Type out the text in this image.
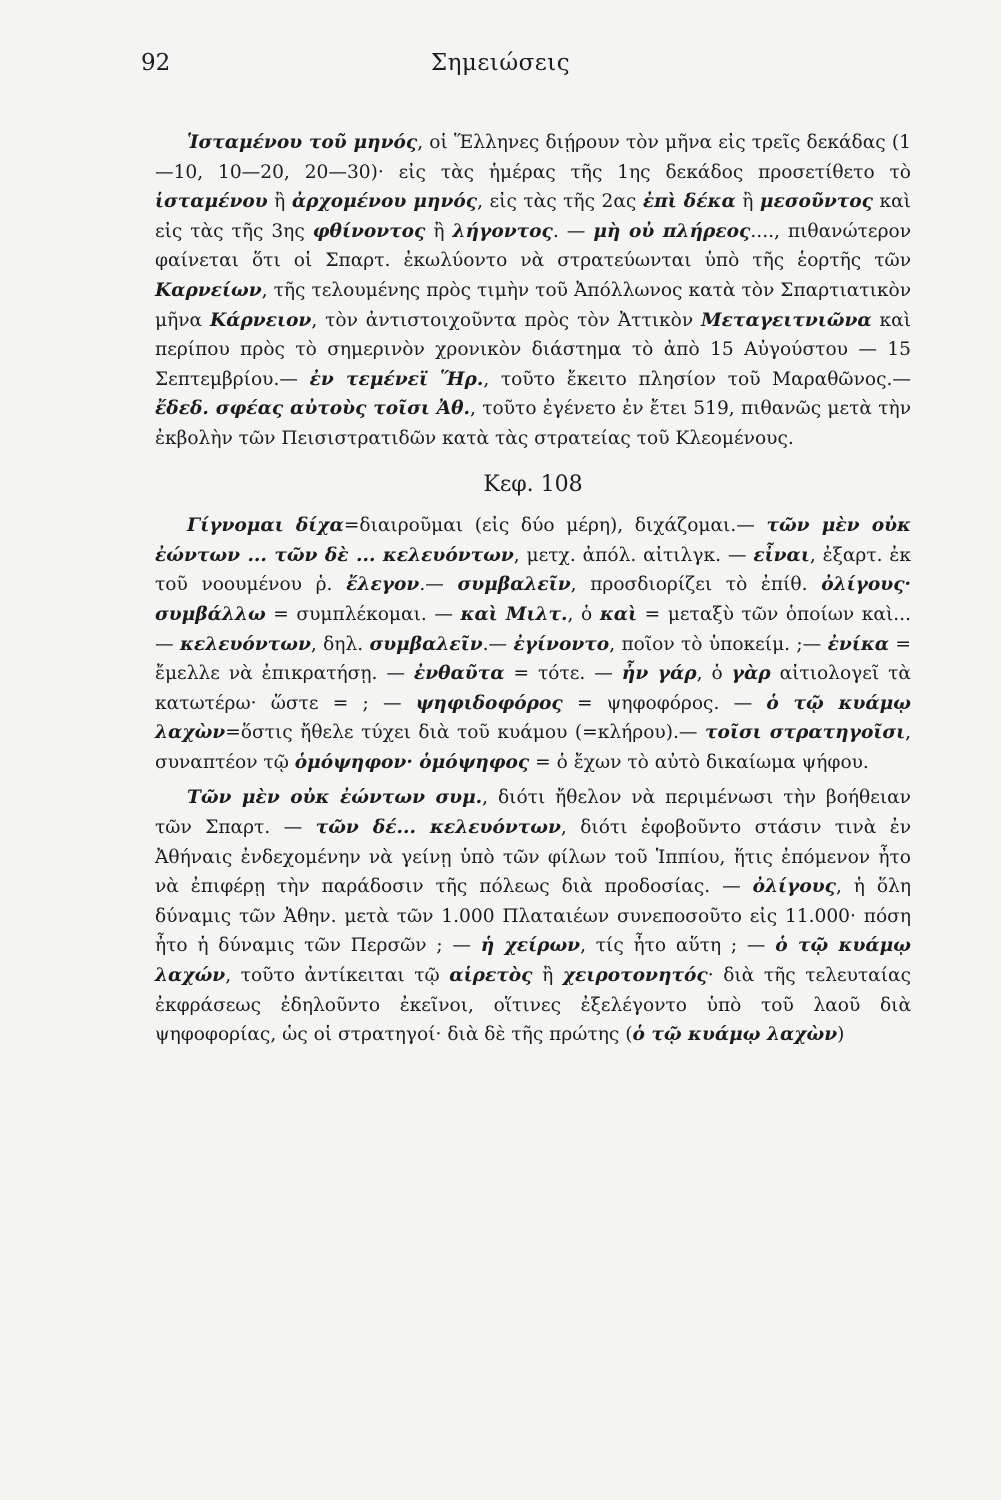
92	Σημειώσεις

Ἱσταμένου τοῦ μηνός, οἱ Ἕλληνες διῄρουν τὸν μῆνα εἰς τρεῖς δεκάδας (1—10, 10—20, 20—30)· εἰς τὰς ἡμέρας τῆς 1ης δεκάδος προσετίθετο τὸ ἱσταμένου ἢ ἀρχομένου μηνός, εἰς τὰς τῆς 2ας ἐπὶ δέκα ἢ μεσοῦντος καὶ εἰς τὰς τῆς 3ης φθίνοντος ἢ λήγοντος. — μὴ οὐ πλήρεος...., πιθανώτερον φαίνεται ὅτι οἱ Σπαρτ. ἐκωλύοντο νὰ στρατεύωνται ὑπὸ τῆς ἑορτῆς τῶν Καρνείων, τῆς τελουμένης πρὸς τιμὴν τοῦ Ἀπόλλωνος κατὰ τὸν Σπαρτιατικὸν μῆνα Κάρνειον, τὸν ἀντιστοιχοῦντα πρὸς τὸν Ἀττικὸν Μεταγειτνιῶνα καὶ περίπου πρὸς τὸ σημερινὸν χρονικὸν διάστημα τὸ ἀπὸ 15 Αὐγούστου — 15 Σεπτεμβρίου.— ἐν τεμένεϊ Ἥρ., τοῦτο ἔκειτο πλησίον τοῦ Μαραθῶνος.— ἔδεδ. σφέας αὐτοὺς τοῖσι Ἀθ., τοῦτο ἐγένετο ἐν ἔτει 519, πιθανῶς μετὰ τὴν ἐκβολὴν τῶν Πεισιστρατιδῶν κατὰ τὰς στρατείας τοῦ Κλεομένους.

Κεφ. 108

Γίγνομαι δίχα=διαιροῦμαι (εἰς δύο μέρη), διχάζομαι.— τῶν μὲν οὐκ ἐώντων ... τῶν δὲ ... κελευόντων, μετχ. ἀπόλ. αἰτιλγκ. — εἶναι, ἐξαρτ. ἐκ τοῦ νοουμένου ῥ. ἔλεγον.— συμβαλεῖν, προσδιορίζει τὸ ἐπίθ. ὀλίγους· συμβάλλω = συμπλέκομαι. — καὶ Μιλτ., ὁ καὶ = μεταξὺ τῶν ὁποίων καὶ... — κελευόντων, δηλ. συμβαλεῖν.— ἐγίνοντο, ποῖον τὸ ὑποκείμ. ;— ἐνίκα = ἔμελλε νὰ ἐπικρατήσῃ. — ἐνθαῦτα = τότε. — ἦν γάρ, ὁ γὰρ αἰτιολογεῖ τὰ κατωτέρω· ὥστε = ; — ψηφιδοφόρος = ψηφοφόρος. — ὁ τῷ κυάμῳ λαχὼν=ὅστις ἤθελε τύχει διὰ τοῦ κυάμου (=κλήρου).— τοῖσι στρατηγοῖσι, συναπτέον τῷ ὁμόψηφον· ὁμόψηφος = ὁ ἔχων τὸ αὐτὸ δικαίωμα ψήφου.

Τῶν μὲν οὐκ ἐώντων συμ., διότι ἤθελον νὰ περιμένωσι τὴν βοήθειαν τῶν Σπαρτ. — τῶν δέ... κελευόντων, διότι ἐφοβοῦντο στάσιν τινὰ ἐν Ἀθήναις ἐνδεχομένην νὰ γείνῃ ὑπὸ τῶν φίλων τοῦ Ἱππίου, ἥτις ἐπόμενον ἦτο νὰ ἐπιφέρῃ τὴν παράδοσιν τῆς πόλεως διὰ προδοσίας. — ὀλίγους, ἡ ὅλη δύναμις τῶν Ἀθην. μετὰ τῶν 1.000 Πλαταιέων συνεποσοῦτο εἰς 11.000· πόση ἦτο ἡ δύναμις τῶν Περσῶν ; — ἡ χείρων, τίς ἦτο αὕτη ; — ὁ τῷ κυάμῳ λαχών, τοῦτο ἀντίκειται τῷ αἱρετὸς ἢ χειροτονητός· διὰ τῆς τελευταίας ἐκφράσεως ἐδηλοῦντο ἐκεῖνοι, οἵτινες ἐξελέγοντο ὑπὸ τοῦ λαοῦ διὰ ψηφοφορίας, ὡς οἱ στρατηγοί· διὰ δὲ τῆς πρώτης (ὁ τῷ κυάμῳ λαχὼν)
